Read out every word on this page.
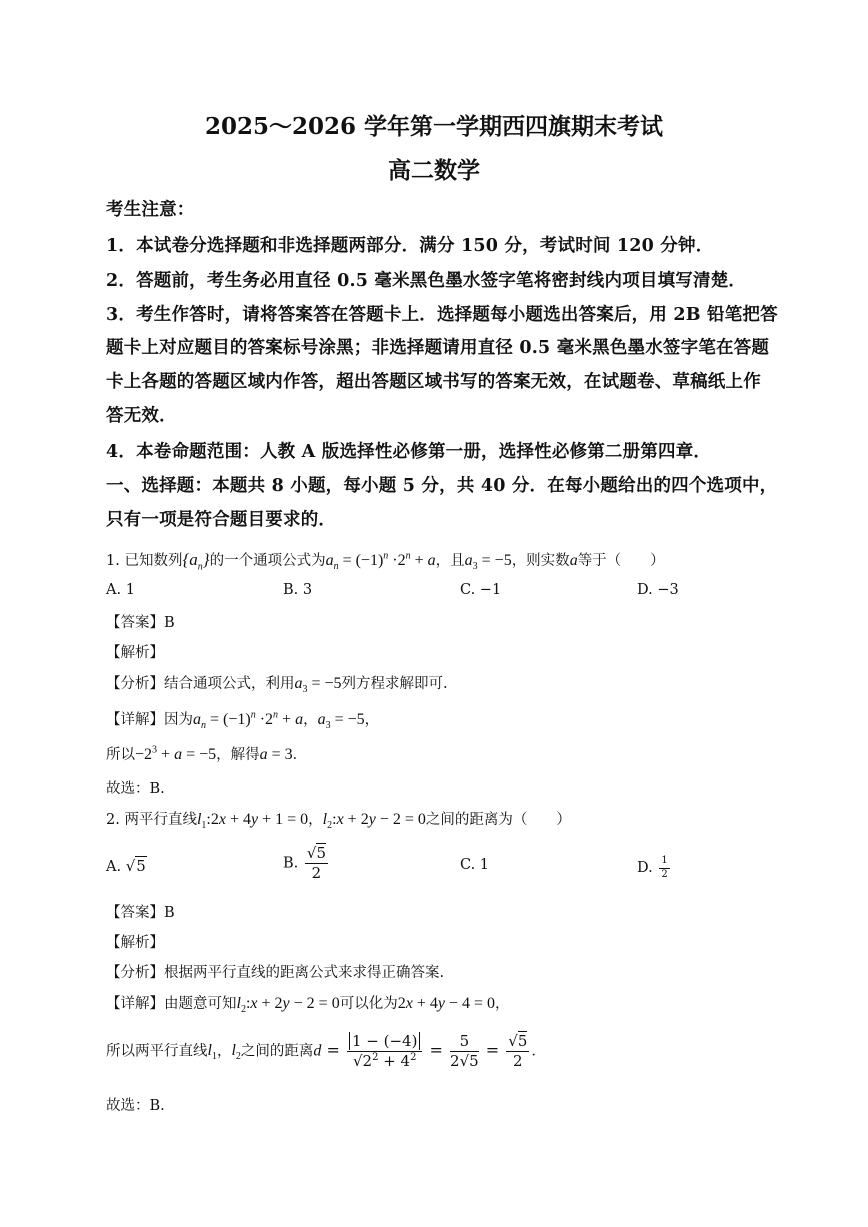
2025～2026 学年第一学期西四旗期末考试
高二数学
考生注意：
1．本试卷分选择题和非选择题两部分．满分 150 分，考试时间 120 分钟．
2．答题前，考生务必用直径 0.5 毫米黑色墨水签字笔将密封线内项目填写清楚．
3．考生作答时，请将答案答在答题卡上．选择题每小题选出答案后，用 2B 铅笔把答
题卡上对应题目的答案标号涂黑；非选择题请用直径 0.5 毫米黑色墨水签字笔在答题
卡上各题的答题区域内作答，超出答题区域书写的答案无效，在试题卷、草稿纸上作
答无效．
4．本卷命题范围：人教 A 版选择性必修第一册，选择性必修第二册第四章．
一、选择题：本题共 8 小题，每小题 5 分，共 40 分．在每小题给出的四个选项中，
只有一项是符合题目要求的．
1. 已知数列$\{a_n\}$的一个通项公式为$a_n = (-1)^n \cdot 2^n + a$，且$a_3 = -5$，则实数a等于（　　）
A. 1	B. 3	C. −1	D. −3
【答案】B
【解析】
【分析】结合通项公式，利用$a_3 = -5$列方程求解即可.
【详解】因为$a_n = (-1)^n \cdot 2^n + a$，$a_3 = -5$，
所以$-2^3 + a = -5$，解得a = 3．
故选：B.
2. 两平行直线$l_1:2x + 4y + 1 = 0$，$l_2:x + 2y - 2 = 0$之间的距离为（　　）
A. √5	B. $\frac{√5}{2}$	C. 1	D. $\frac{1}{2}$
【答案】B
【解析】
【分析】根据两平行直线的距离公式来求得正确答案.
【详解】由题意可知$l_2:x + 2y - 2 = 0$可以化为2x + 4y − 4 = 0，
所以两平行直线$l_1$，$l_2$之间的距离$d = \frac{1 - (-4)}{√2^2 + 4^2} = \frac{5}{2√5} = \frac{√5}{2}$ ．
故选：B.
